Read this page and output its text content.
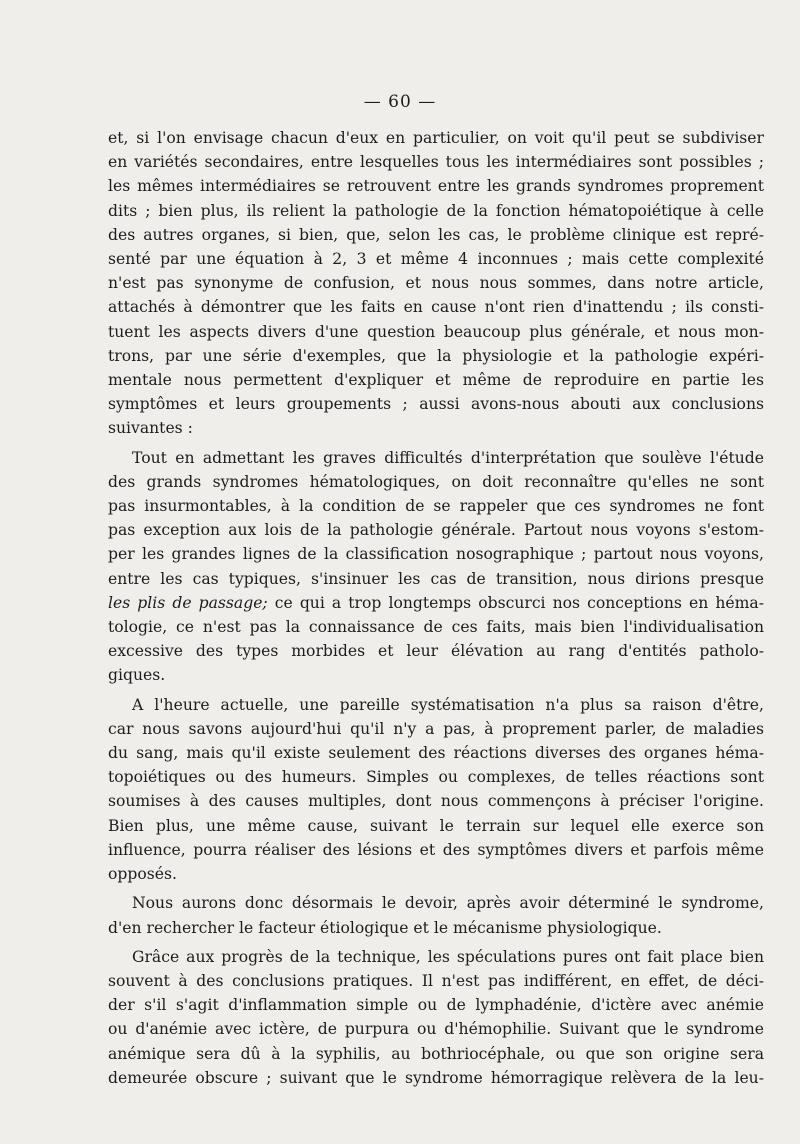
— 60 —
et, si l'on envisage chacun d'eux en particulier, on voit qu'il peut se subdiviser
en variétés secondaires, entre lesquelles tous les intermédiaires sont possibles ;
les mêmes intermédiaires se retrouvent entre les grands syndromes proprement
dits ; bien plus, ils relient la pathologie de la fonction hématopoiétique à celle
des autres organes, si bien, que, selon les cas, le problème clinique est repré-
senté par une équation à 2, 3 et même 4 inconnues ; mais cette complexité
n'est pas synonyme de confusion, et nous nous sommes, dans notre article,
attachés à démontrer que les faits en cause n'ont rien d'inattendu ; ils consti-
tuent les aspects divers d'une question beaucoup plus générale, et nous mon-
trons, par une série d'exemples, que la physiologie et la pathologie expéri-
mentale nous permettent d'expliquer et même de reproduire en partie les
symptômes et leurs groupements ; aussi avons-nous abouti aux conclusions
suivantes :
Tout en admettant les graves difficultés d'interprétation que soulève l'étude
des grands syndromes hématologiques, on doit reconnaître qu'elles ne sont
pas insurmontables, à la condition de se rappeler que ces syndromes ne font
pas exception aux lois de la pathologie générale. Partout nous voyons s'estom-
per les grandes lignes de la classification nosographique ; partout nous voyons,
entre les cas typiques, s'insinuer les cas de transition, nous dirions presque
les plis de passage; ce qui a trop longtemps obscurci nos conceptions en héma-
tologie, ce n'est pas la connaissance de ces faits, mais bien l'individualisation
excessive des types morbides et leur élévation au rang d'entités patholo-
giques.
A l'heure actuelle, une pareille systématisation n'a plus sa raison d'être,
car nous savons aujourd'hui qu'il n'y a pas, à proprement parler, de maladies
du sang, mais qu'il existe seulement des réactions diverses des organes héma-
topoiétiques ou des humeurs. Simples ou complexes, de telles réactions sont
soumises à des causes multiples, dont nous commençons à préciser l'origine.
Bien plus, une même cause, suivant le terrain sur lequel elle exerce son
influence, pourra réaliser des lésions et des symptômes divers et parfois même
opposés.
Nous aurons donc désormais le devoir, après avoir déterminé le syndrome,
d'en rechercher le facteur étiologique et le mécanisme physiologique.
Grâce aux progrès de la technique, les spéculations pures ont fait place bien
souvent à des conclusions pratiques. Il n'est pas indifférent, en effet, de déci-
der s'il s'agit d'inflammation simple ou de lymphadénie, d'ictère avec anémie
ou d'anémie avec ictère, de purpura ou d'hémophilie. Suivant que le syndrome
anémique sera dû à la syphilis, au bothriocéphale, ou que son origine sera
demeurée obscure ; suivant que le syndrome hémorragique relèvera de la leu-
